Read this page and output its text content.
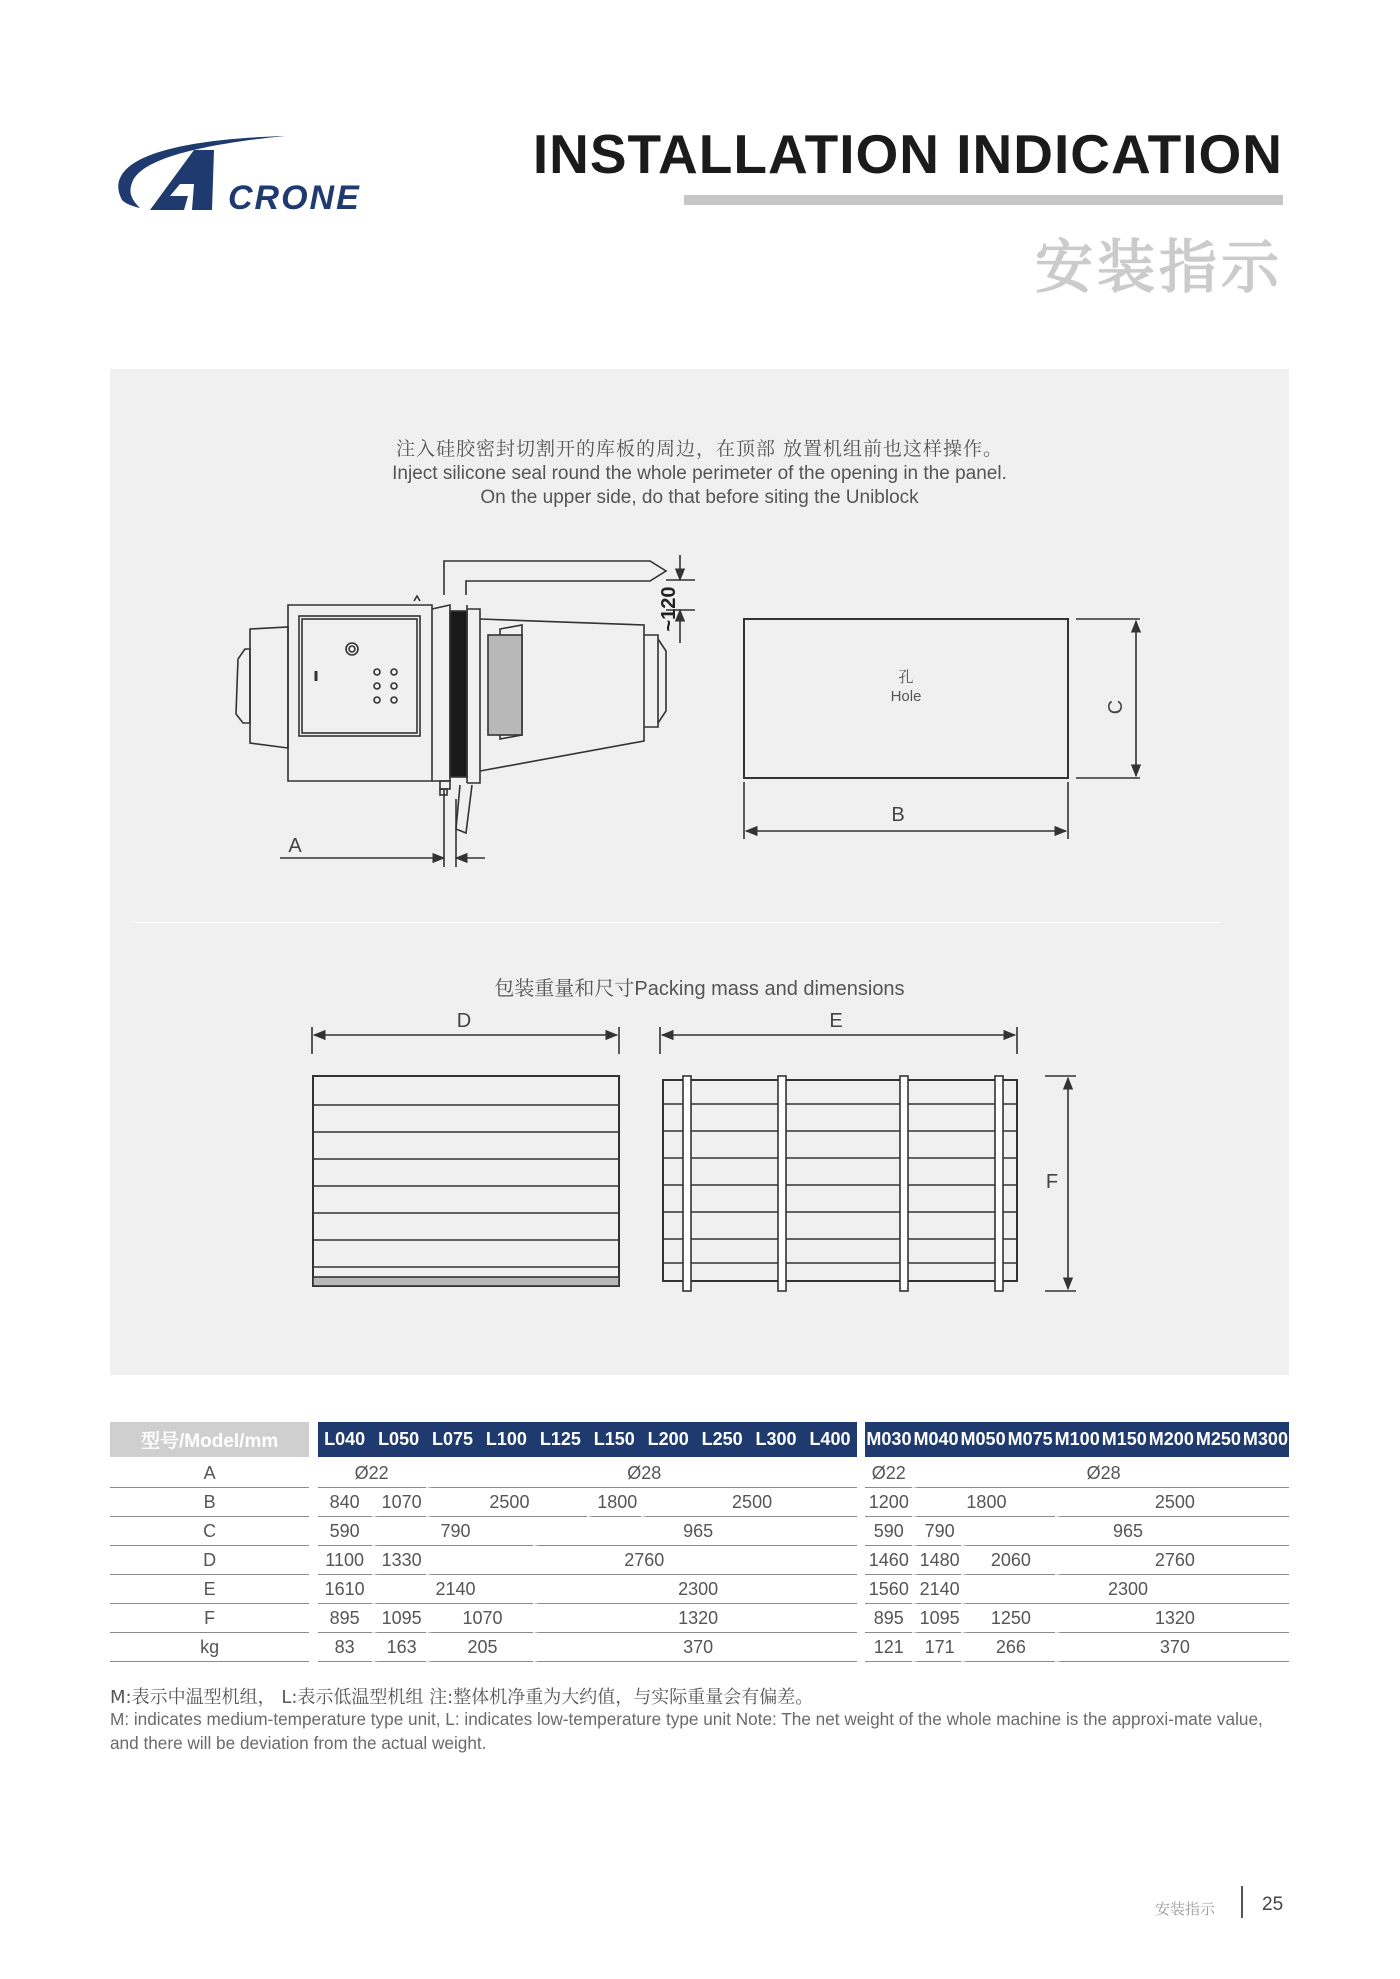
CRONE
INSTALLATION INDICATION
安装指示
注入硅胶密封切割开的库板的周边，在顶部 放置机组前也这样操作。
Inject silicone seal round the whole perimeter of the opening in the panel.
On the upper side, do that before siting the Uniblock
~120
A
孔
Hole
C
B
D	E
F
包装重量和尺寸Packing mass and dimensions
型号/Model/mm		L040 L050 L075 L100 L125 L150 L200 L250 L300 L400							M030 M040 M050 M075 M100 M150 M200 M250 M300			
A		Ø22		Ø28					Ø22	Ø28		
B		840	1070	2500		1800	2500		1200	1800		2500
C		590	790		965				590	790	965	
D		1100	1330	2760					1460	1480	2060	2760
E		1610	2140		2300				1560	2140	2300	
F		895	1095	1070	1320				895	1095	1250	1320
kg		83	163	205	370				121	171	266	370
M:表示中温型机组， L:表示低温型机组 注:整体机净重为大约值，与实际重量会有偏差。
M: indicates medium-temperature type unit, L: indicates low-temperature type unit Note: The net weight of the whole machine is the approxi-mate value, and there will be deviation from the actual weight.
安装指示 25
